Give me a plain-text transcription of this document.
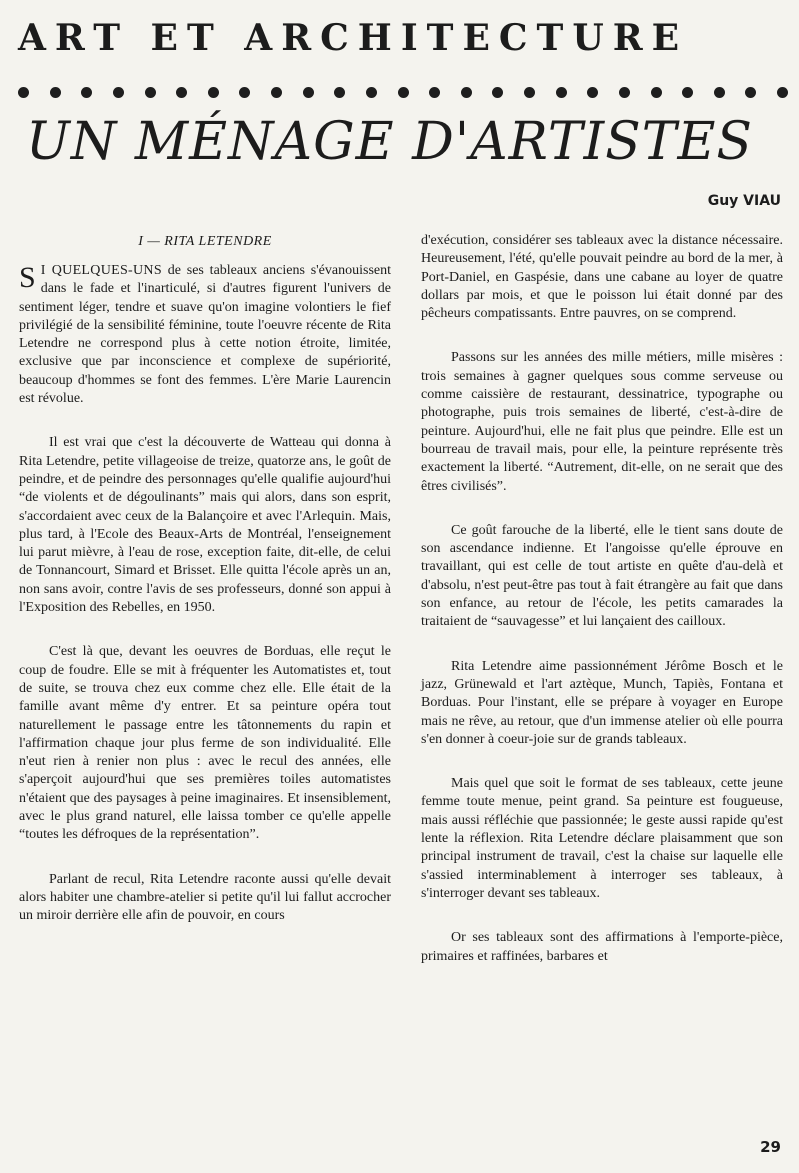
ART ET ARCHITECTURE
UN MÉNAGE D'ARTISTES
Guy VIAU
I — RITA LETENDRE

S I QUELQUES-UNS de ses tableaux anciens s'évanouissent dans le fade et l'inarticulé, si d'autres figurent l'univers de sentiment léger, tendre et suave qu'on imagine volontiers le fief privilégié de la sensibilité féminine, toute l'oeuvre récente de Rita Letendre ne correspond plus à cette notion étroite, limitée, exclusive que par inconscience et complexe de supériorité, beaucoup d'hommes se font des femmes. L'ère Marie Laurencin est révolue.

Il est vrai que c'est la découverte de Watteau qui donna à Rita Letendre, petite villageoise de treize, quatorze ans, le goût de peindre, et de peindre des personnages qu'elle qualifie aujourd'hui “de violents et de dégoulinants” mais qui alors, dans son esprit, s'accordaient avec ceux de la Balançoire et avec l'Arlequin. Mais, plus tard, à l'Ecole des Beaux-Arts de Montréal, l'enseignement lui parut mièvre, à l'eau de rose, exception faite, dit-elle, de celui de Tonnancourt, Simard et Brisset. Elle quitta l'école après un an, non sans avoir, contre l'avis de ses professeurs, donné son appui à l'Exposition des Rebelles, en 1950.

C'est là que, devant les oeuvres de Borduas, elle reçut le coup de foudre. Elle se mit à fréquenter les Automatistes et, tout de suite, se trouva chez eux comme chez elle. Elle était de la famille avant même d'y entrer. Et sa peinture opéra tout naturellement le passage entre les tâtonnements du rapin et l'affirmation chaque jour plus ferme de son individualité. Elle n'eut rien à renier non plus : avec le recul des années, elle s'aperçoit aujourd'hui que ses premières toiles automatistes n'étaient que des paysages à peine imaginaires. Et insensiblement, avec le plus grand naturel, elle laissa tomber ce qu'elle appelle “toutes les défroques de la représentation”.

Parlant de recul, Rita Letendre raconte aussi qu'elle devait alors habiter une chambre-atelier si petite qu'il lui fallut accrocher un miroir derrière elle afin de pouvoir, en cours

d'exécution, considérer ses tableaux avec la distance nécessaire. Heureusement, l'été, qu'elle pouvait peindre au bord de la mer, à Port-Daniel, en Gaspésie, dans une cabane au loyer de quatre dollars par mois, et que le poisson lui était donné par des pêcheurs compatissants. Entre pauvres, on se comprend.

Passons sur les années des mille métiers, mille misères : trois semaines à gagner quelques sous comme serveuse ou comme caissière de restaurant, dessinatrice, typographe ou photographe, puis trois semaines de liberté, c'est-à-dire de peinture. Aujourd'hui, elle ne fait plus que peindre. Elle est un bourreau de travail mais, pour elle, la peinture représente très exactement la liberté. “Autrement, dit-elle, on ne serait que des êtres civilisés”.

Ce goût farouche de la liberté, elle le tient sans doute de son ascendance indienne. Et l'angoisse qu'elle éprouve en travaillant, qui est celle de tout artiste en quête d'au-delà et d'absolu, n'est peut-être pas tout à fait étrangère au fait que dans son enfance, au retour de l'école, les petits camarades la traitaient de “sauvagesse” et lui lançaient des cailloux.

Rita Letendre aime passionnément Jérôme Bosch et le jazz, Grünewald et l'art aztèque, Munch, Tapiès, Fontana et Borduas. Pour l'instant, elle se prépare à voyager en Europe mais ne rêve, au retour, que d'un immense atelier où elle pourra s'en donner à coeur-joie sur de grands tableaux.

Mais quel que soit le format de ses tableaux, cette jeune femme toute menue, peint grand. Sa peinture est fougueuse, mais aussi réfléchie que passionnée; le geste aussi rapide qu'est lente la réflexion. Rita Letendre déclare plaisamment que son principal instrument de travail, c'est la chaise sur laquelle elle s'assied interminablement à interroger ses tableaux, à s'interroger devant ses tableaux.

Or ses tableaux sont des affirmations à l'emporte-pièce, primaires et raffinées, barbares et

29
